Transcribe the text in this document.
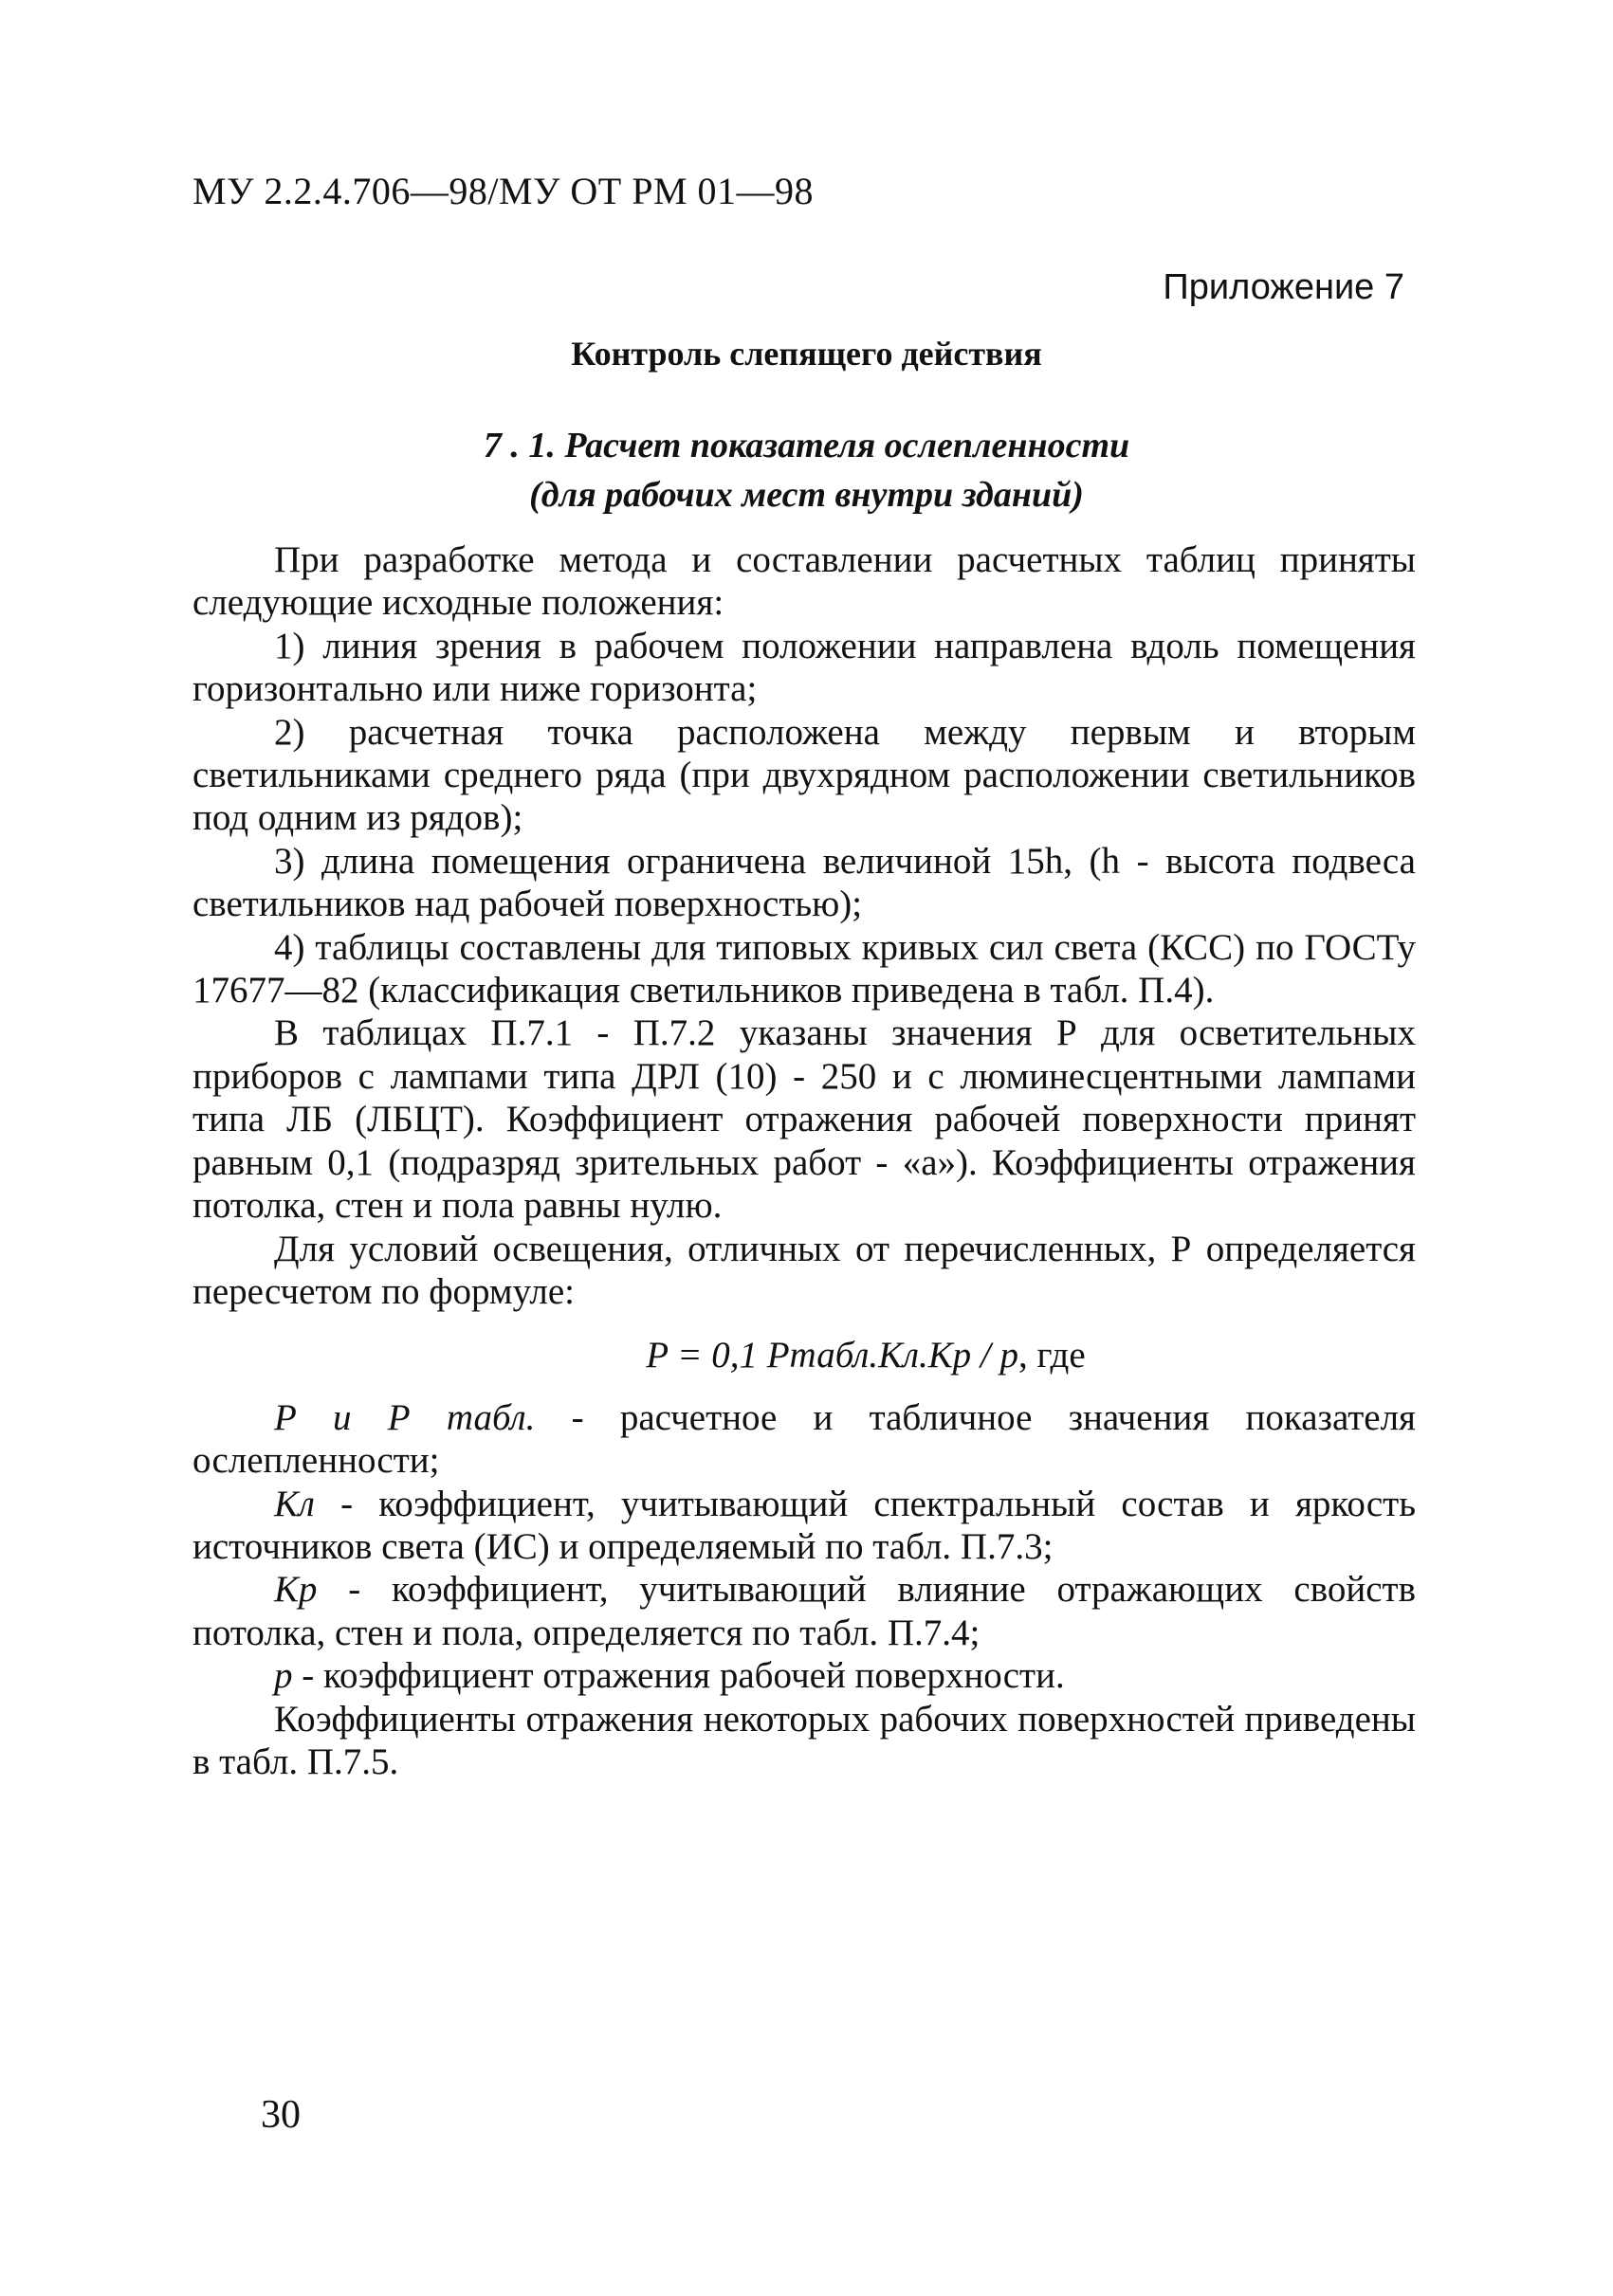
МУ 2.2.4.706—98/МУ ОТ РМ 01—98
Приложение 7
Контроль слепящего действия
7 . 1. Расчет показателя ослепленности
(для рабочих мест внутри зданий)

При разработке метода и составлении расчетных таблиц приняты следующие исходные положения:

1) линия зрения в рабочем положении направлена вдоль помещения горизонтально или ниже горизонта;

2) расчетная точка расположена между первым и вторым светильниками среднего ряда (при двухрядном расположении светильников под одним из рядов);

3) длина помещения ограничена величиной 15h, (h - высота подвеса светильников над рабочей поверхностью);

4) таблицы составлены для типовых кривых сил света (КСС) по ГОСТу 17677—82 (классификация светильников приведена в табл. П.4).

В таблицах П.7.1 - П.7.2 указаны значения Р для осветительных приборов с лампами типа ДРЛ (10) - 250 и с люминесцентными лампами типа ЛБ (ЛБЦТ). Коэффициент отражения рабочей поверхности принят равным 0,1 (подразряд зрительных работ - «а»). Коэффициенты отражения потолка, стен и пола равны нулю.

Для условий освещения, отличных от перечисленных, Р определяется пересчетом по формуле:

P = 0,1 Pтабл.Кл.Кр / р, где

Р и Р табл. - расчетное и табличное значения показателя ослепленности;

Кл - коэффициент, учитывающий спектральный состав и яркость источников света (ИС) и определяемый по табл. П.7.3;

Кр - коэффициент, учитывающий влияние отражающих свойств потолка, стен и пола, определяется по табл. П.7.4;

р - коэффициент отражения рабочей поверхности.

Коэффициенты отражения некоторых рабочих поверхностей приведены в табл. П.7.5.

30
